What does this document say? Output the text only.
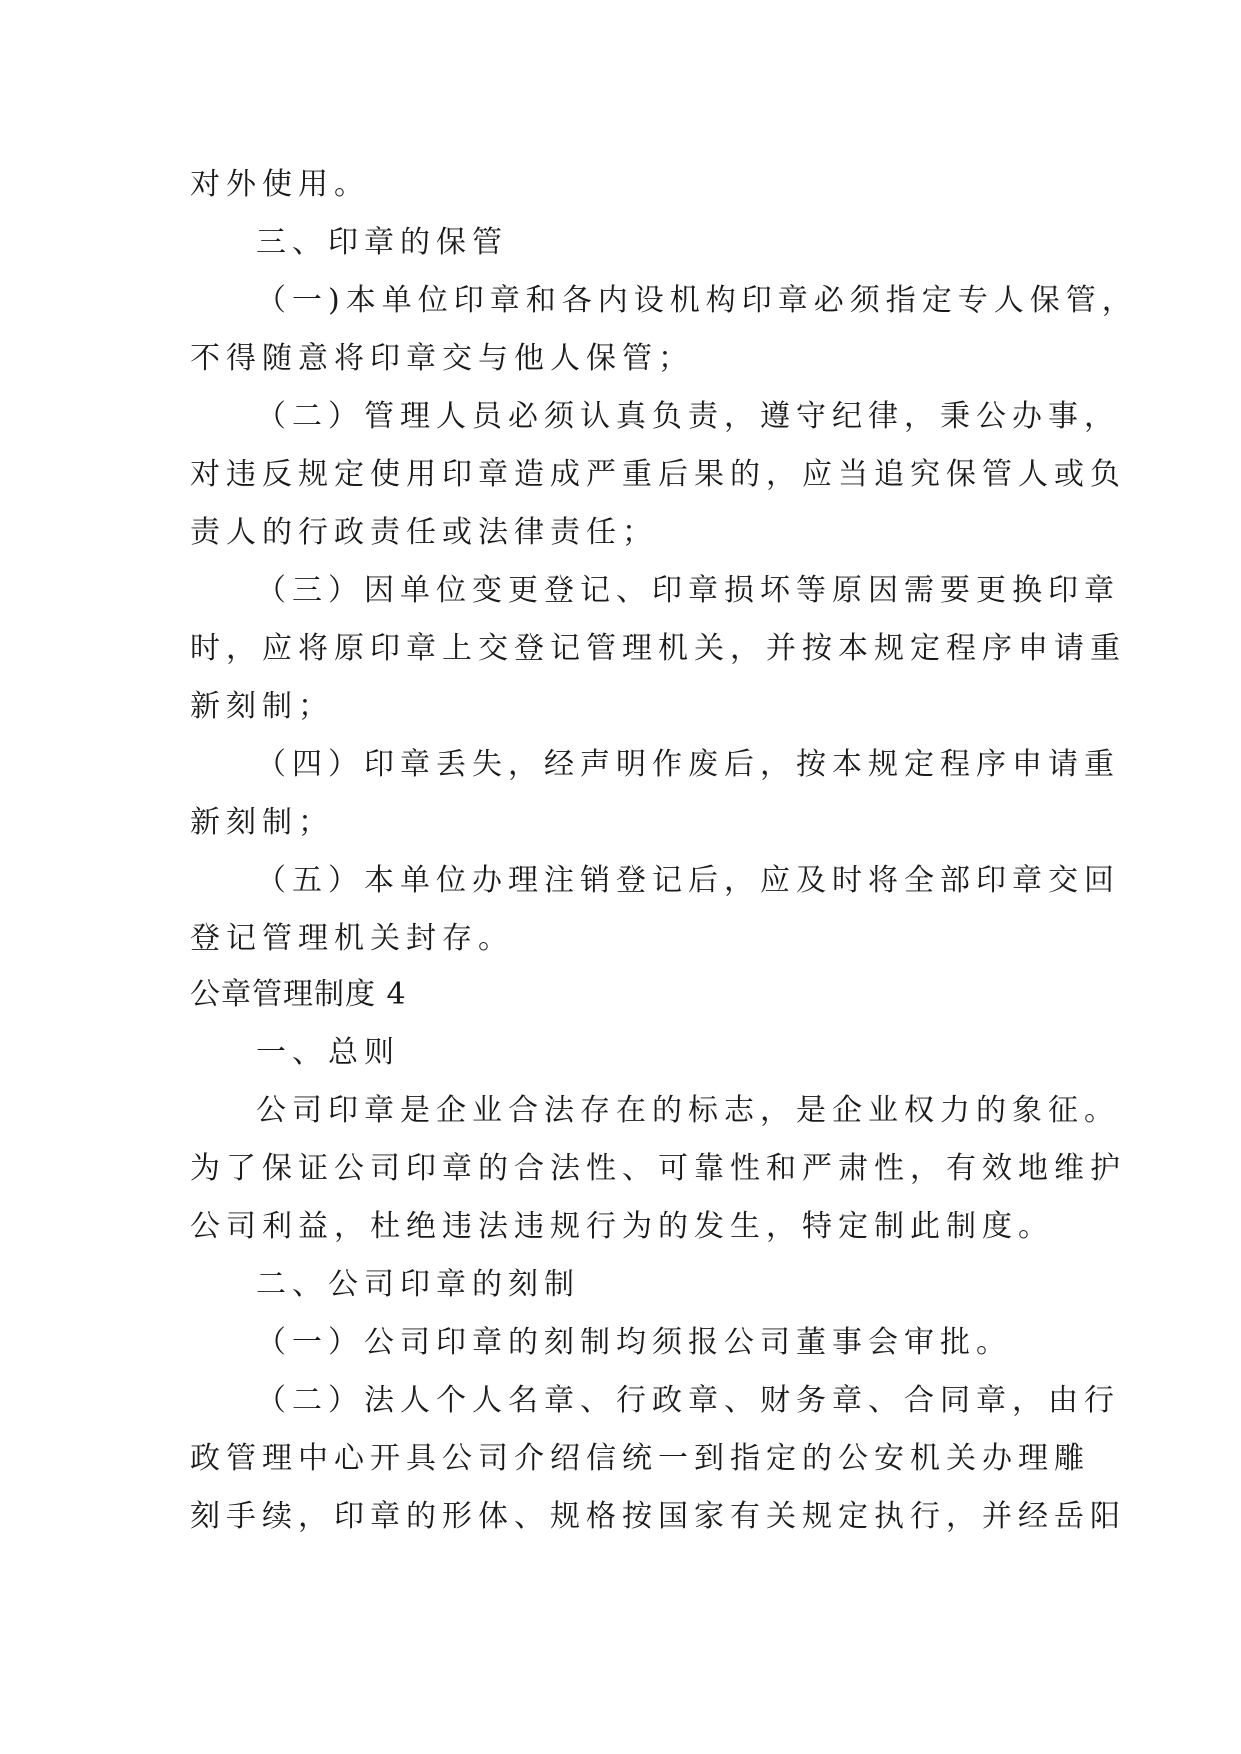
对外使用。
三、印章的保管
（一)本单位印章和各内设机构印章必须指定专人保管，
不得随意将印章交与他人保管；
（二）管理人员必须认真负责，遵守纪律，秉公办事，
对违反规定使用印章造成严重后果的，应当追究保管人或负
责人的行政责任或法律责任；
（三）因单位变更登记、印章损坏等原因需要更换印章
时，应将原印章上交登记管理机关，并按本规定程序申请重
新刻制；
（四）印章丢失，经声明作废后，按本规定程序申请重
新刻制；
（五）本单位办理注销登记后，应及时将全部印章交回
登记管理机关封存。
公章管理制度 4
一、总则
公司印章是企业合法存在的标志，是企业权力的象征。
为了保证公司印章的合法性、可靠性和严肃性，有效地维护
公司利益，杜绝违法违规行为的发生，特定制此制度。
二、公司印章的刻制
（一）公司印章的刻制均须报公司董事会审批。
（二）法人个人名章、行政章、财务章、合同章，由行
政管理中心开具公司介绍信统一到指定的公安机关办理雕
刻手续，印章的形体、规格按国家有关规定执行，并经岳阳
